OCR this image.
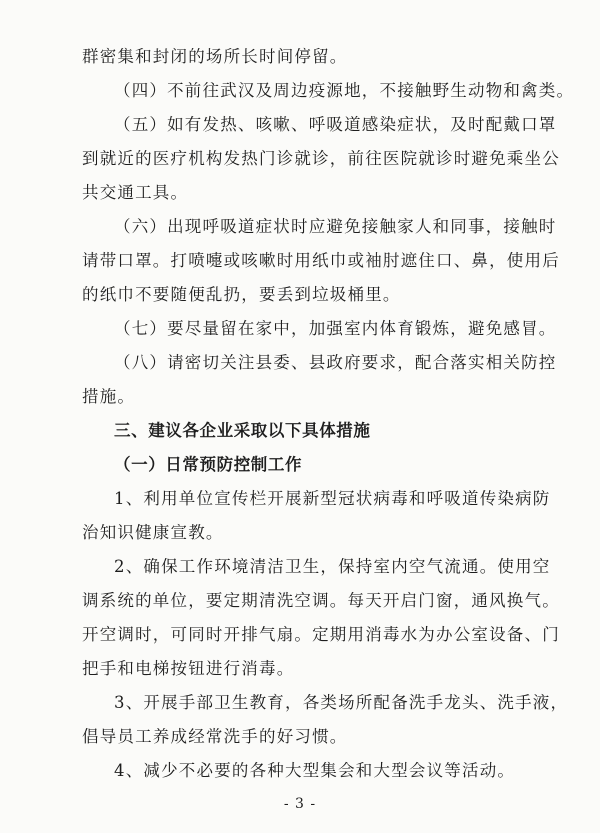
群密集和封闭的场所长时间停留。
（四）不前往武汉及周边疫源地，不接触野生动物和禽类。
（五）如有发热、咳嗽、呼吸道感染症状，及时配戴口罩
到就近的医疗机构发热门诊就诊，前往医院就诊时避免乘坐公
共交通工具。
（六）出现呼吸道症状时应避免接触家人和同事，接触时
请带口罩。打喷嚏或咳嗽时用纸巾或袖肘遮住口、鼻，使用后
的纸巾不要随便乱扔，要丢到垃圾桶里。
（七）要尽量留在家中，加强室内体育锻炼，避免感冒。
（八）请密切关注县委、县政府要求，配合落实相关防控
措施。
三、建议各企业采取以下具体措施
（一）日常预防控制工作
1、利用单位宣传栏开展新型冠状病毒和呼吸道传染病防
治知识健康宣教。
2、确保工作环境清洁卫生，保持室内空气流通。使用空
调系统的单位，要定期清洗空调。每天开启门窗，通风换气。
开空调时，可同时开排气扇。定期用消毒水为办公室设备、门
把手和电梯按钮进行消毒。
3、开展手部卫生教育，各类场所配备洗手龙头、洗手液，
倡导员工养成经常洗手的好习惯。
4、减少不必要的各种大型集会和大型会议等活动。
- 3 -
